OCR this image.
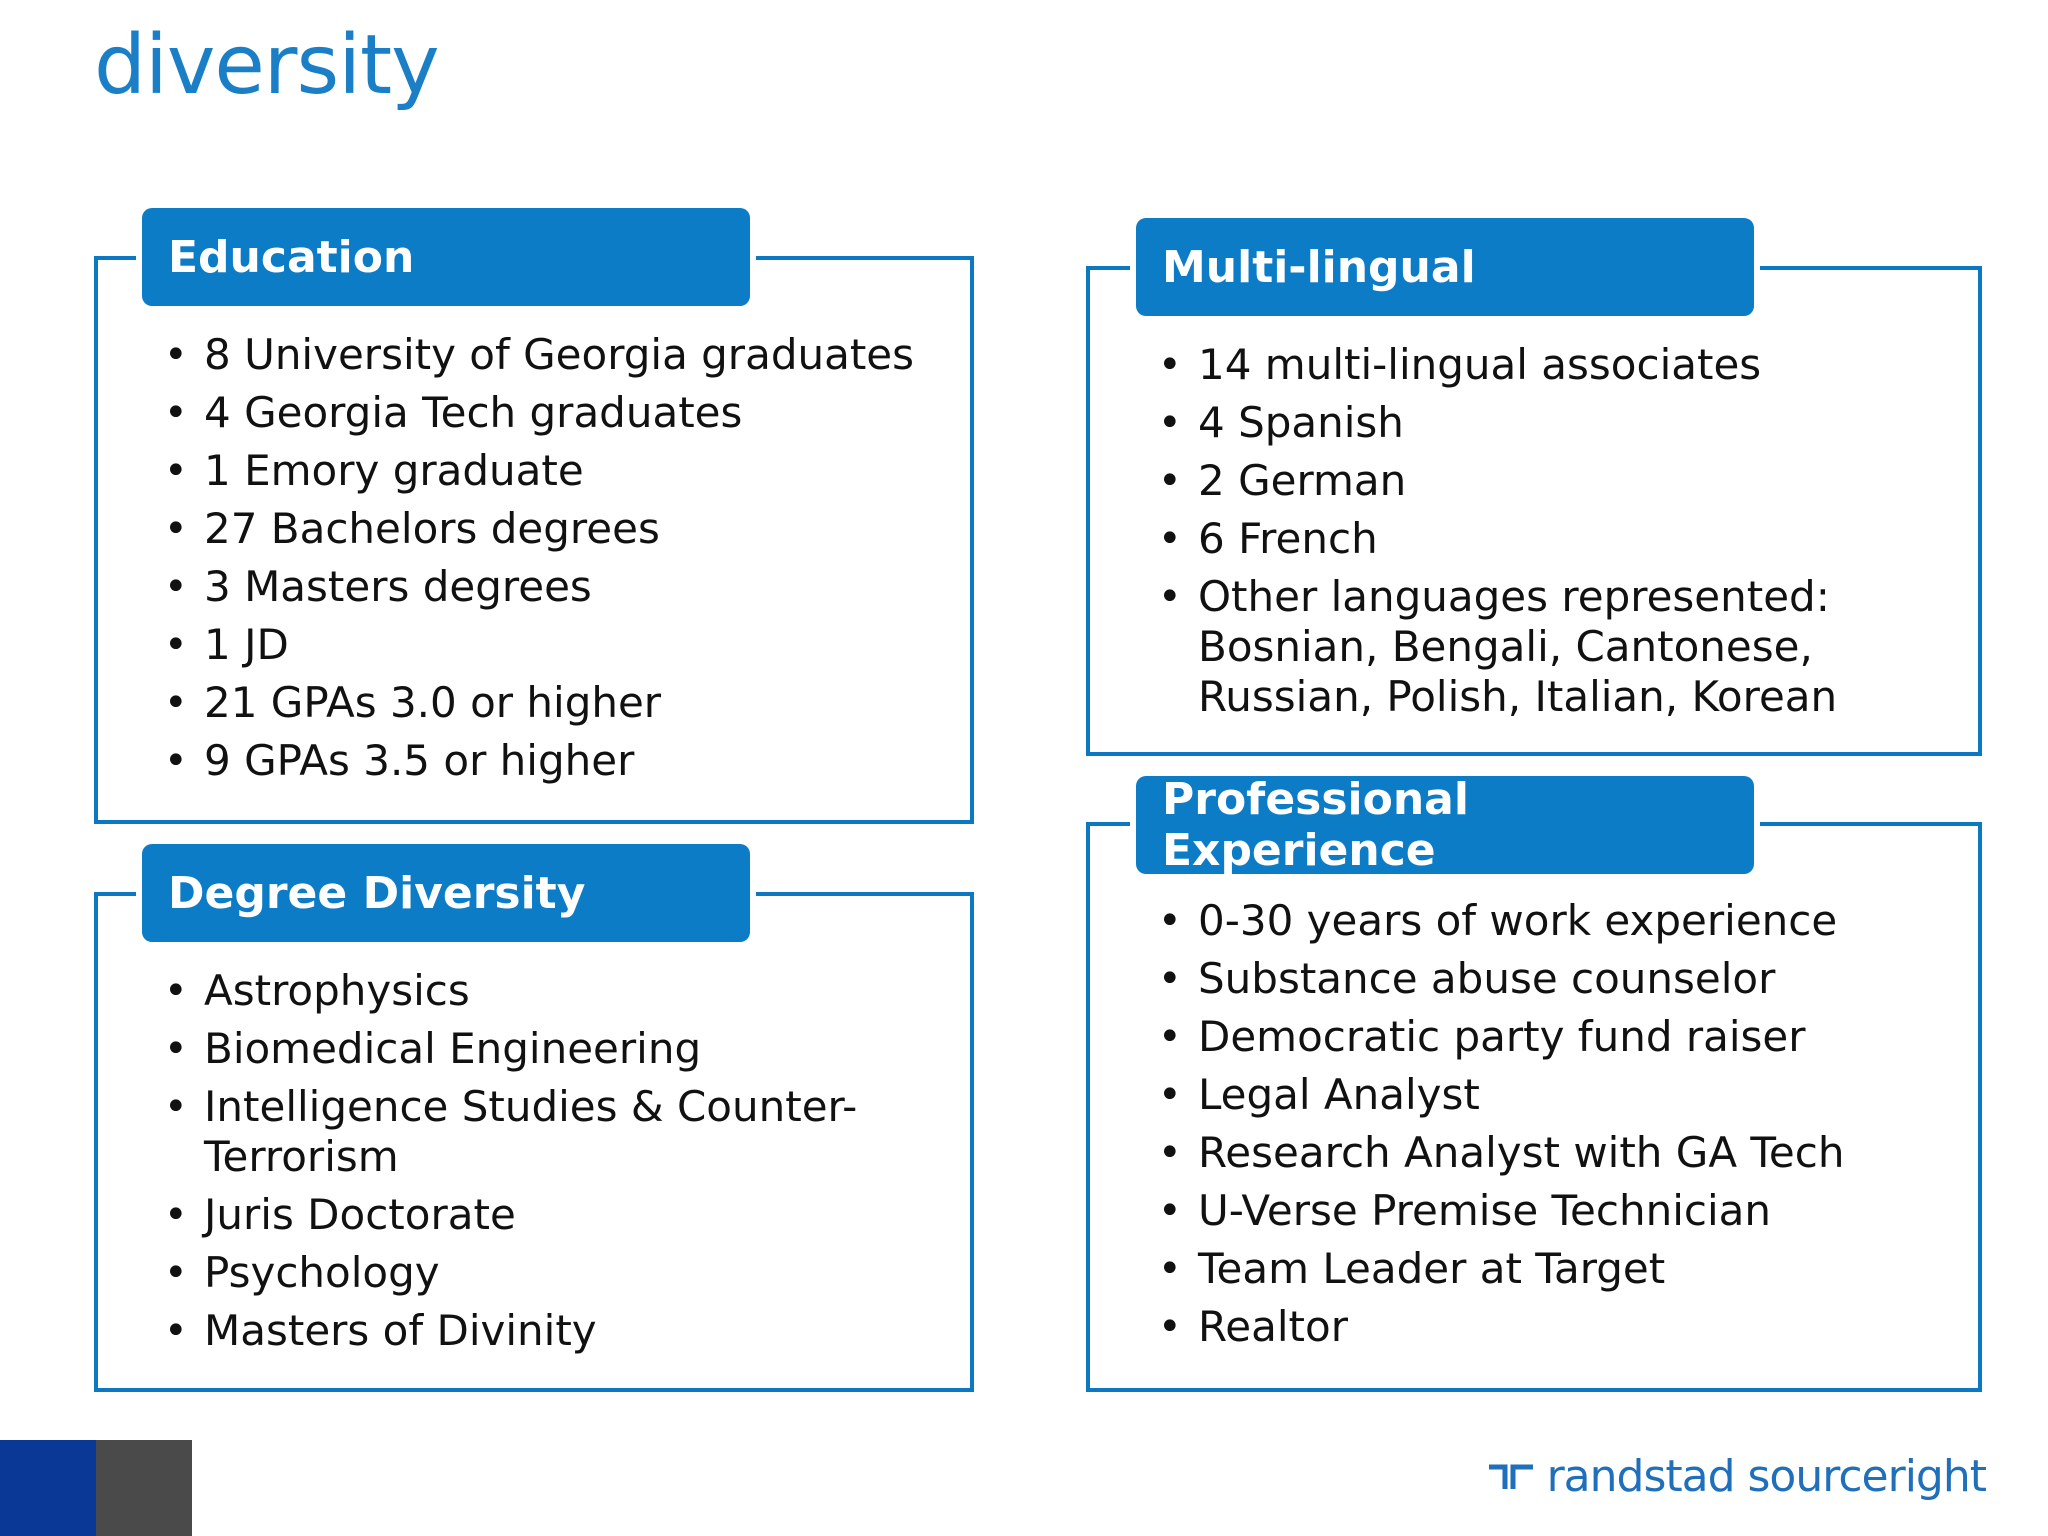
diversity
Education
• 8 University of Georgia graduates
• 4 Georgia Tech graduates
• 1 Emory graduate
• 27 Bachelors degrees
• 3 Masters degrees
• 1 JD
• 21 GPAs 3.0 or higher
• 9 GPAs 3.5 or higher
Degree Diversity
• Astrophysics
• Biomedical Engineering
• Intelligence Studies & Counter-Terrorism
• Juris Doctorate
• Psychology
• Masters of Divinity
Multi-lingual
• 14 multi-lingual associates
• 4 Spanish
• 2 German
• 6 French
• Other languages represented: Bosnian, Bengali, Cantonese, Russian, Polish, Italian, Korean
Professional Experience
• 0-30 years of work experience
• Substance abuse counselor
• Democratic party fund raiser
• Legal Analyst
• Research Analyst with GA Tech
• U-Verse Premise Technician
• Team Leader at Target
• Realtor
randstad sourceright
